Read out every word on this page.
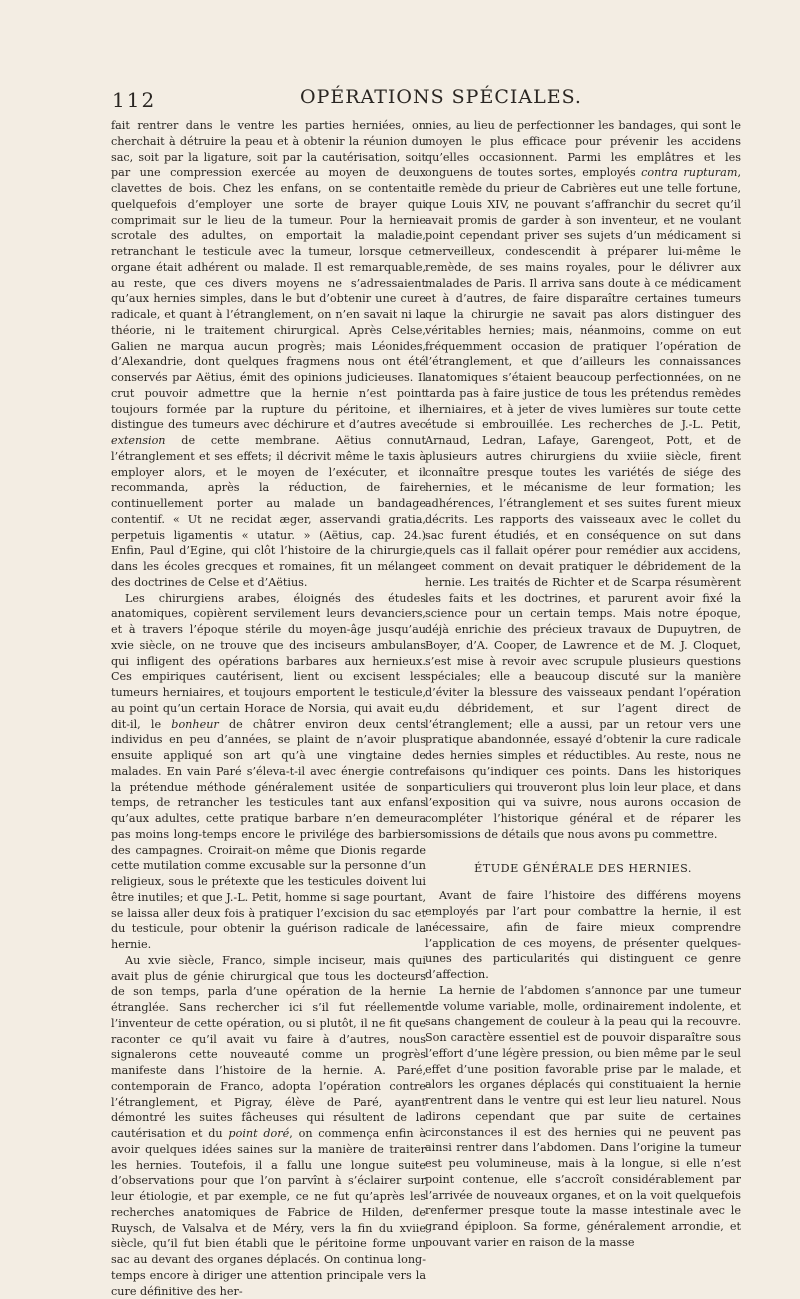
112	OPÉRATIONS SPÉCIALES.

fait rentrer dans le ventre les parties herniées, on cherchait à détruire la peau et à obtenir la réunion du sac, soit par la ligature, soit par la cautérisation, soit par une compression exercée au moyen de deux clavettes de bois. Chez les enfans, on se contentait quelquefois d’employer une sorte de brayer qui comprimait sur le lieu de la tumeur. Pour la hernie scrotale des adultes, on emportait la maladie, retranchant le testicule avec la tumeur, lorsque cet organe était adhérent ou malade. Il est remarquable, au reste, que ces divers moyens ne s’adressaient qu’aux hernies simples, dans le but d’obtenir une cure radicale, et quant à l’étranglement, on n’en savait ni la théorie, ni le traitement chirurgical. Après Celse, Galien ne marqua aucun progrès; mais Léonides, d’Alexandrie, dont quelques fragmens nous ont été conservés par Aëtius, émit des opinions judicieuses. Il crut pouvoir admettre que la hernie n’est point toujours formée par la rupture du péritoine, et il distingue des tumeurs avec déchirure et d’autres avec extension de cette membrane. Aëtius connut l’étranglement et ses effets; il décrivit même le taxis à employer alors, et le moyen de l’exécuter, et il recommanda, après la réduction, de faire continuellement porter au malade un bandage contentif. « Ut ne recidat æger, asservandi gratia, perpetuis ligamentis « utatur. » (Aëtius, cap. 24.) Enfin, Paul d’Egine, qui clôt l’histoire de la chirurgie, dans les écoles grecques et romaines, fit un mélange des doctrines de Celse et d’Aëtius.

Les chirurgiens arabes, éloignés des études anatomiques, copièrent servilement leurs devanciers, et à travers l’époque stérile du moyen-âge jusqu’au xvie siècle, on ne trouve que des inciseurs ambulans qui infligent des opérations barbares aux hernieux. Ces empiriques cautérisent, lient ou excisent les tumeurs herniaires, et toujours emportent le testicule, au point qu’un certain Horace de Norsia, qui avait eu, dit-il, le bonheur de châtrer environ deux cents individus en peu d’années, se plaint de n’avoir plus ensuite appliqué son art qu’à une vingtaine de malades. En vain Paré s’éleva-t-il avec énergie contre la prétendue méthode généralement usitée de son temps, de retrancher les testicules tant aux enfans qu’aux adultes, cette pratique barbare n’en demeura pas moins long-temps encore le privilége des barbiers des campagnes. Croirait-on même que Dionis regarde cette mutilation comme excusable sur la personne d’un religieux, sous le prétexte que les testicules doivent lui être inutiles; et que J.-L. Petit, homme si sage pourtant, se laissa aller deux fois à pratiquer l’excision du sac et du testicule, pour obtenir la guérison radicale de la hernie.

Au xvie siècle, Franco, simple inciseur, mais qui avait plus de génie chirurgical que tous les docteurs de son temps, parla d’une opération de la hernie étranglée. Sans rechercher ici s’il fut réellement l’inventeur de cette opération, ou si plutôt, il ne fit que raconter ce qu’il avait vu faire à d’autres, nous signalerons cette nouveauté comme un progrès manifeste dans l’histoire de la hernie. A. Paré, contemporain de Franco, adopta l’opération contre l’étranglement, et Pigray, élève de Paré, ayant démontré les suites fâcheuses qui résultent de la cautérisation et du point doré, on commença enfin à avoir quelques idées saines sur la manière de traiter les hernies. Toutefois, il a fallu une longue suite d’observations pour que l’on parvînt à s’éclairer sur leur étiologie, et par exemple, ce ne fut qu’après les recherches anatomiques de Fabrice de Hilden, de Ruysch, de Valsalva et de Méry, vers la fin du xviie siècle, qu’il fut bien établi que le péritoine forme un sac au devant des organes déplacés. On continua long-temps encore à diriger une attention principale vers la cure définitive des her-

nies, au lieu de perfectionner les bandages, qui sont le moyen le plus efficace pour prévenir les accidens qu’elles occasionnent. Parmi les emplâtres et les onguens de toutes sortes, employés contra rupturam, le remède du prieur de Cabrières eut une telle fortune, que Louis XIV, ne pouvant s’affranchir du secret qu’il avait promis de garder à son inventeur, et ne voulant point cependant priver ses sujets d’un médicament si merveilleux, condescendit à préparer lui-même le remède, de ses mains royales, pour le délivrer aux malades de Paris. Il arriva sans doute à ce médicament et à d’autres, de faire disparaître certaines tumeurs que la chirurgie ne savait pas alors distinguer des véritables hernies; mais, néanmoins, comme on eut fréquemment occasion de pratiquer l’opération de l’étranglement, et que d’ailleurs les connaissances anatomiques s’étaient beaucoup perfectionnées, on ne tarda pas à faire justice de tous les prétendus remèdes herniaires, et à jeter de vives lumières sur toute cette étude si embrouillée. Les recherches de J.-L. Petit, Arnaud, Ledran, Lafaye, Garengeot, Pott, et de plusieurs autres chirurgiens du xviiie siècle, firent connaître presque toutes les variétés de siége des hernies, et le mécanisme de leur formation; les adhérences, l’étranglement et ses suites furent mieux décrits. Les rapports des vaisseaux avec le collet du sac furent étudiés, et en conséquence on sut dans quels cas il fallait opérer pour remédier aux accidens, et comment on devait pratiquer le débridement de la hernie. Les traités de Richter et de Scarpa résumèrent les faits et les doctrines, et parurent avoir fixé la science pour un certain temps. Mais notre époque, déjà enrichie des précieux travaux de Dupuytren, de Boyer, d’A. Cooper, de Lawrence et de M. J. Cloquet, s’est mise à revoir avec scrupule plusieurs questions spéciales; elle a beaucoup discuté sur la manière d’éviter la blessure des vaisseaux pendant l’opération du débridement, et sur l’agent direct de l’étranglement; elle a aussi, par un retour vers une pratique abandonnée, essayé d’obtenir la cure radicale des hernies simples et réductibles. Au reste, nous ne faisons qu’indiquer ces points. Dans les historiques particuliers qui trouveront plus loin leur place, et dans l’exposition qui va suivre, nous aurons occasion de compléter l’historique général et de réparer les omissions de détails que nous avons pu commettre.

ÉTUDE GÉNÉRALE DES HERNIES.

Avant de faire l’histoire des différens moyens employés par l’art pour combattre la hernie, il est nécessaire, afin de faire mieux comprendre l’application de ces moyens, de présenter quelques-unes des particularités qui distinguent ce genre d’affection.

La hernie de l’abdomen s’annonce par une tumeur de volume variable, molle, ordinairement indolente, et sans changement de couleur à la peau qui la recouvre. Son caractère essentiel est de pouvoir disparaître sous l’effort d’une légère pression, ou bien même par le seul effet d’une position favorable prise par le malade, et alors les organes déplacés qui constituaient la hernie rentrent dans le ventre qui est leur lieu naturel. Nous dirons cependant que par suite de certaines circonstances il est des hernies qui ne peuvent pas ainsi rentrer dans l’abdomen. Dans l’origine la tumeur est peu volumineuse, mais à la longue, si elle n’est point contenue, elle s’accroît considérablement par l’arrivée de nouveaux organes, et on la voit quelquefois renfermer presque toute la masse intestinale avec le grand épiploon. Sa forme, généralement arrondie, et pouvant varier en raison de la masse
